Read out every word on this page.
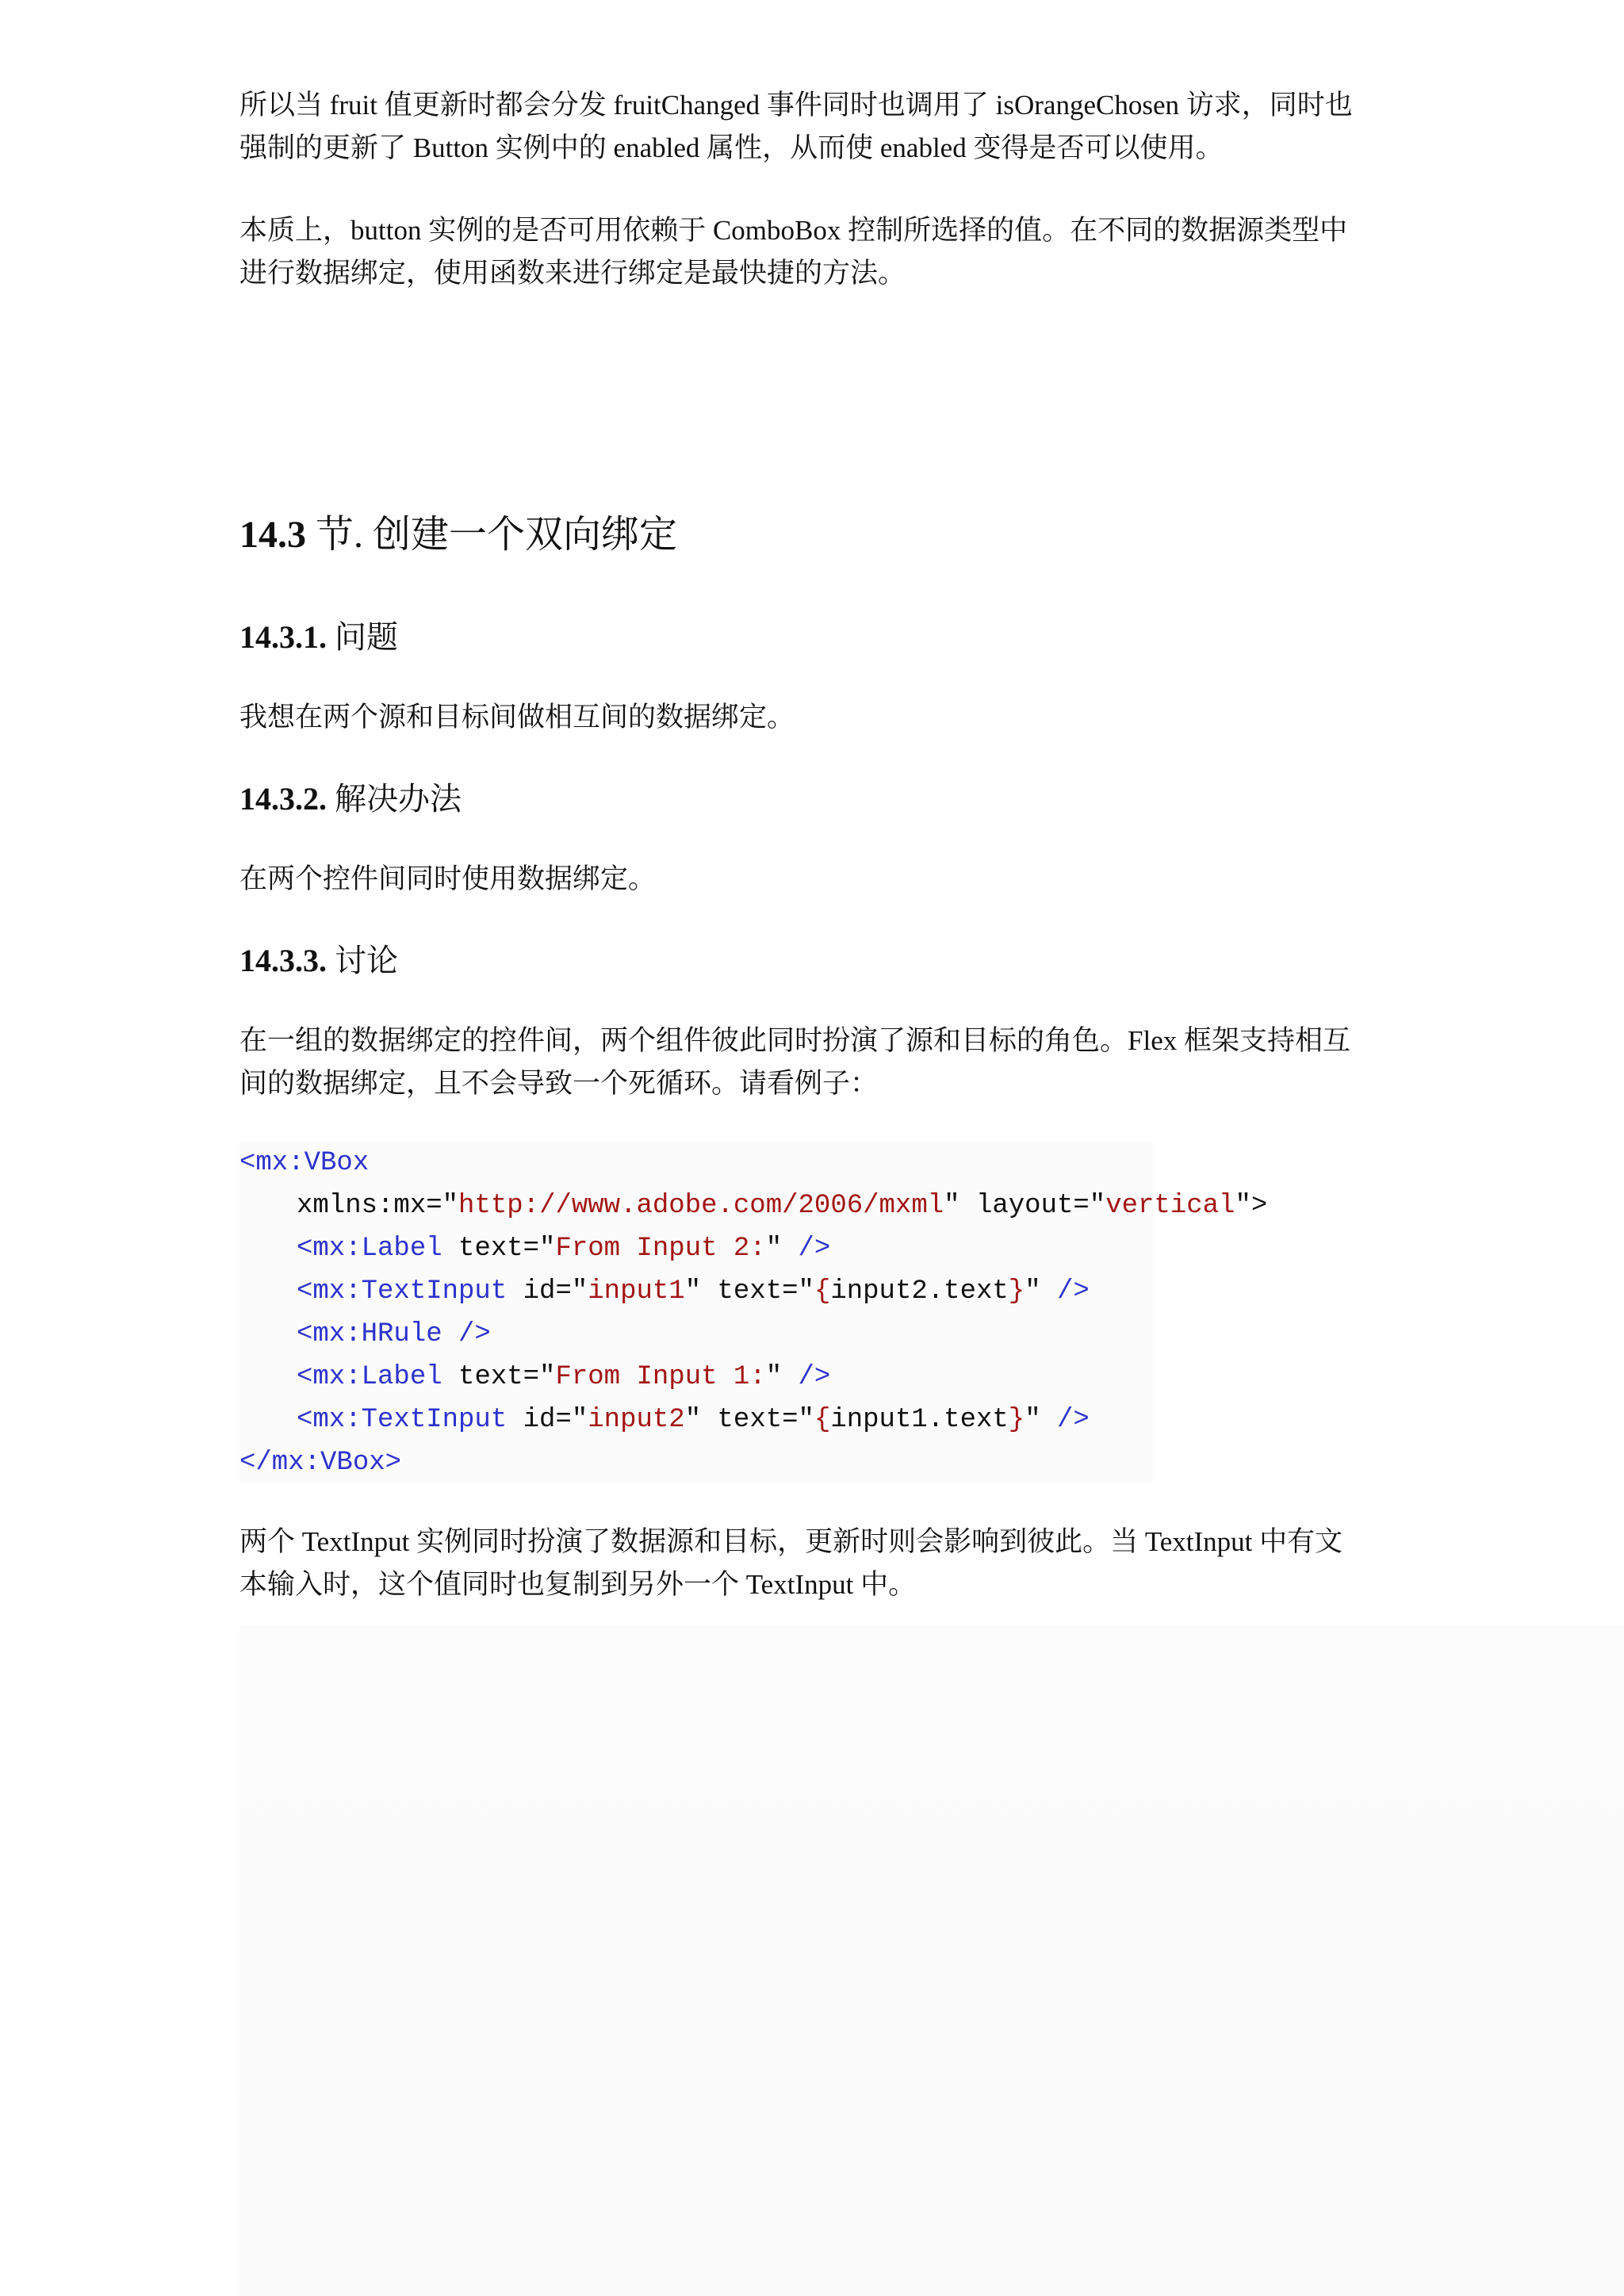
所以当 fruit 值更新时都会分发 fruitChanged 事件同时也调用了 isOrangeChosen 访求，同时也
强制的更新了 Button 实例中的 enabled 属性，从而使 enabled 变得是否可以使用。
本质上，button 实例的是否可用依赖于 ComboBox 控制所选择的值。在不同的数据源类型中
进行数据绑定，使用函数来进行绑定是最快捷的方法。
14.3 节. 创建一个双向绑定
14.3.1. 问题
我想在两个源和目标间做相互间的数据绑定。
14.3.2. 解决办法
在两个控件间同时使用数据绑定。
14.3.3. 讨论
在一组的数据绑定的控件间，两个组件彼此同时扮演了源和目标的角色。Flex 框架支持相互
间的数据绑定，且不会导致一个死循环。请看例子：
<mx:VBox
xmlns:mx="http://www.adobe.com/2006/mxml" layout="vertical">
<mx:Label text="From Input 2:" />
<mx:TextInput id="input1" text="{input2.text}" />
<mx:HRule />
<mx:Label text="From Input 1:" />
<mx:TextInput id="input2" text="{input1.text}" />
</mx:VBox>
两个 TextInput 实例同时扮演了数据源和目标，更新时则会影响到彼此。当 TextInput 中有文
本输入时，这个值同时也复制到另外一个 TextInput 中。
